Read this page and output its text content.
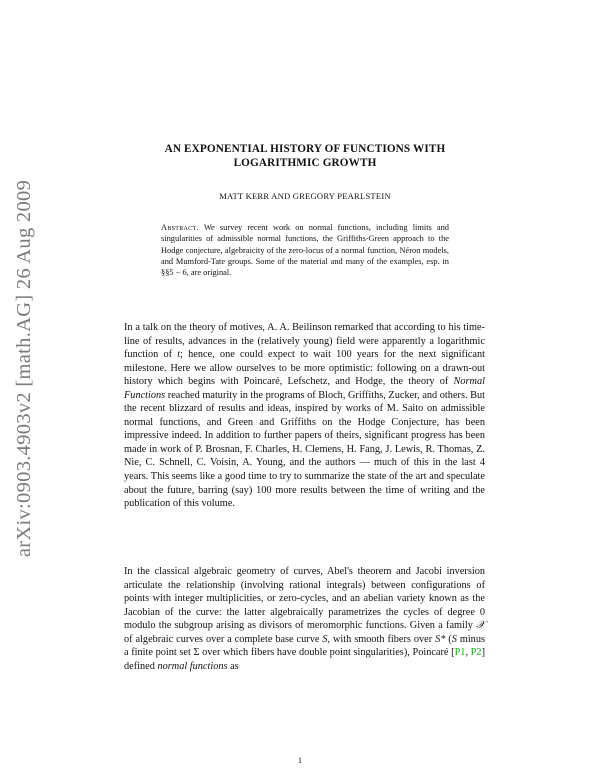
arXiv:0903.4903v2 [math.AG] 26 Aug 2009
AN EXPONENTIAL HISTORY OF FUNCTIONS WITH
LOGARITHMIC GROWTH
MATT KERR AND GREGORY PEARLSTEIN
Abstract. We survey recent work on normal functions, including limits and singularities of admissible normal functions, the Griffiths-Green approach to the Hodge conjecture, algebraicity of the zero-locus of a normal function, Néron models, and Mumford-Tate groups. Some of the material and many of the examples, esp. in §§5 − 6, are original.
In a talk on the theory of motives, A. A. Beilinson remarked that according to his time-line of results, advances in the (relatively young) field were apparently a logarithmic function of t; hence, one could expect to wait 100 years for the next significant milestone. Here we allow ourselves to be more optimistic: following on a drawn-out history which begins with Poincaré, Lefschetz, and Hodge, the theory of Normal Functions reached maturity in the programs of Bloch, Griffiths, Zucker, and others. But the recent blizzard of results and ideas, inspired by works of M. Saito on admissible normal functions, and Green and Griffiths on the Hodge Conjecture, has been impressive indeed. In addition to further papers of theirs, significant progress has been made in work of P. Brosnan, F. Charles, H. Clemens, H. Fang, J. Lewis, R. Thomas, Z. Nie, C. Schnell, C. Voisin, A. Young, and the authors — much of this in the last 4 years. This seems like a good time to try to summarize the state of the art and speculate about the future, barring (say) 100 more results between the time of writing and the publication of this volume.
In the classical algebraic geometry of curves, Abel's theorem and Jacobi inversion articulate the relationship (involving rational integrals) between configurations of points with integer multiplicities, or zero-cycles, and an abelian variety known as the Jacobian of the curve: the latter algebraically parametrizes the cycles of degree 0 modulo the subgroup arising as divisors of meromorphic functions. Given a family 𝒳 of algebraic curves over a complete base curve S, with smooth fibers over S* (S minus a finite point set Σ over which fibers have double point singularities), Poincaré [P1, P2] defined normal functions as
1
